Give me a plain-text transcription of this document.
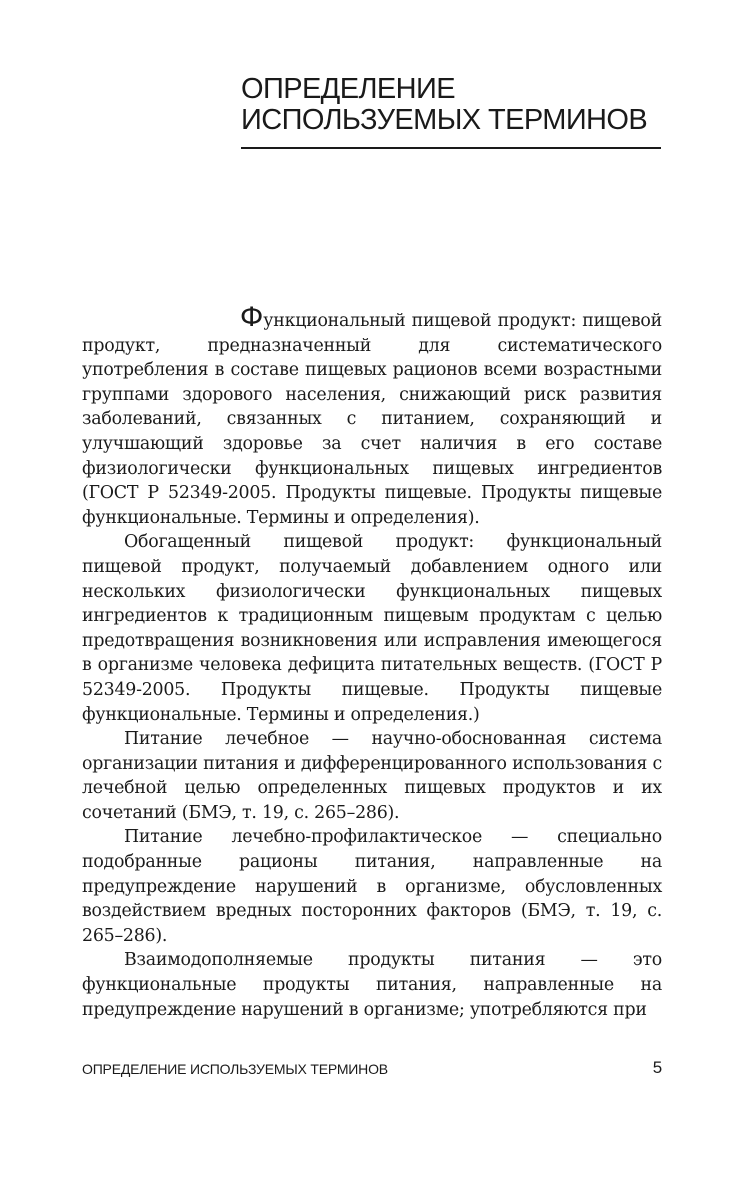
ОПРЕДЕЛЕНИЕ
ИСПОЛЬЗУЕМЫХ ТЕРМИНОВ

Функциональный пищевой продукт: пищевой продукт, предназначенный для систематического употребления в составе пищевых рационов всеми возрастными группами здорового населения, снижающий риск развития заболеваний, связанных с питанием, сохраняющий и улучшающий здоровье за счет наличия в его составе физиологически функциональных пищевых ингредиентов (ГОСТ Р 52349-2005. Продукты пищевые. Продукты пищевые функциональные. Термины и определения).

Обогащенный пищевой продукт: функциональный пищевой продукт, получаемый добавлением одного или нескольких физиологически функциональных пищевых ингредиентов к традиционным пищевым продуктам с целью предотвращения возникновения или исправления имеющегося в организме человека дефицита питательных веществ. (ГОСТ Р 52349-2005. Продукты пищевые. Продукты пищевые функциональные. Термины и определения.)

Питание лечебное — научно-обоснованная система организации питания и дифференцированного использования с лечебной целью определенных пищевых продуктов и их сочетаний (БМЭ, т. 19, с. 265–286).

Питание лечебно-профилактическое — специально подобранные рационы питания, направленные на предупреждение нарушений в организме, обусловленных воздействием вредных посторонних факторов (БМЭ, т. 19, с. 265–286).

Взаимодополняемые продукты питания — это функциональные продукты питания, направленные на предупреждение нарушений в организме; употребляются при

ОПРЕДЕЛЕНИЕ ИСПОЛЬЗУЕМЫХ ТЕРМИНОВ	5
